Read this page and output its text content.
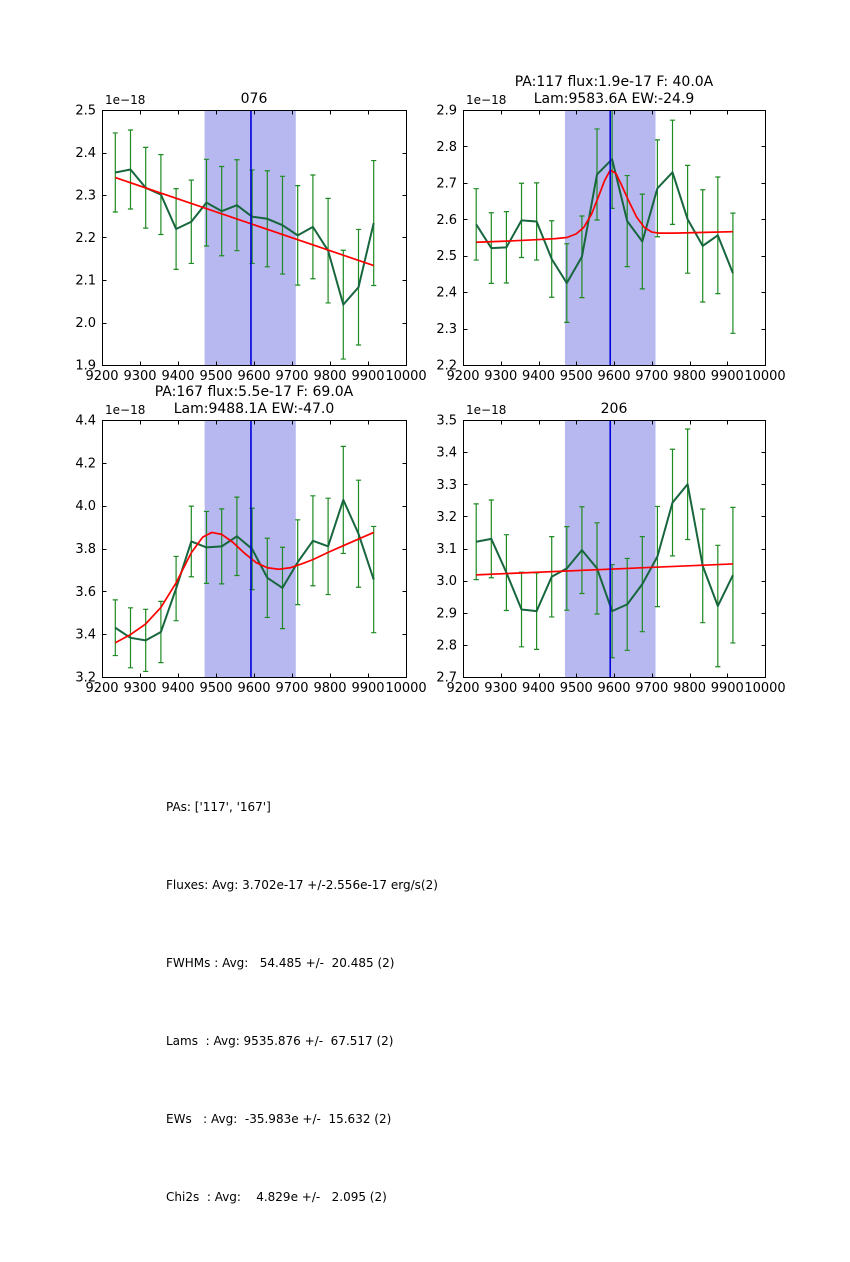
9200 9300 9400 9500 9600 9700 9800 9900 10000
1.9
2.0
2.1
2.2
2.3
2.4
2.5
1e−18	076
9200 9300 9400 9500 9600 9700 9800 9900 10000
2.2
2.3
2.4
2.5
2.6
2.7
2.8
2.9
1e−18
PA:117 flux:1.9e-17 F: 40.0A
Lam:9583.6A EW:-24.9
9200 9300 9400 9500 9600 9700 9800 9900 10000
3.2
3.4
3.6
3.8
4.0
4.2
4.4
1e−18
PA:167 flux:5.5e-17 F: 69.0A
Lam:9488.1A EW:-47.0
9200 9300 9400 9500 9600 9700 9800 9900 10000
2.7
2.8
2.9
3.0
3.1
3.2
3.3
3.4
3.5
1e−18	206

PAs: ['117', '167']

Fluxes: Avg: 3.702e-17 +/-2.556e-17 erg/s(2)

FWHMs : Avg:   54.485 +/-  20.485 (2)

Lams  : Avg: 9535.876 +/-  67.517 (2)

EWs   : Avg:  -35.983e +/-  15.632 (2)

Chi2s  : Avg:    4.829e +/-   2.095 (2)
